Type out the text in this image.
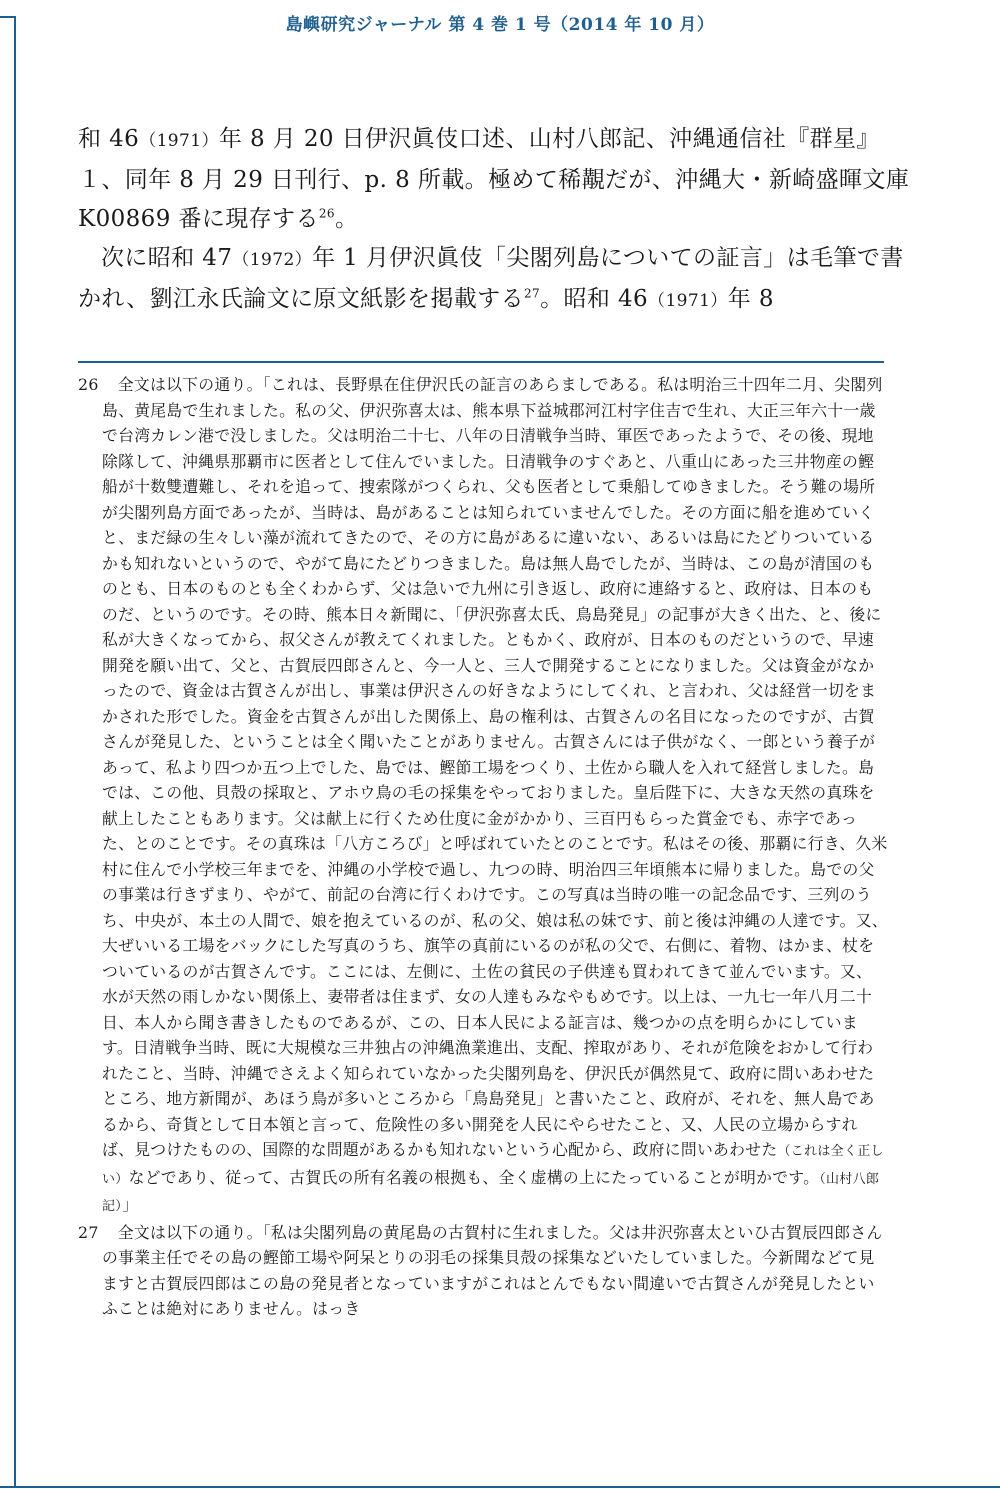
島嶼研究ジャーナル 第 4 巻 1 号（2014 年 10 月）

和 46（1971）年 8 月 20 日伊沢眞伎口述、山村八郎記、沖縄通信社『群星』１、同年 8 月 29 日刊行、p. 8 所載。極めて稀覯だが、沖縄大・新崎盛暉文庫 K00869 番に現存する$^{26}$。

次に昭和 47（1972）年 1 月伊沢眞伎「尖閣列島についての証言」は毛筆で書かれ、劉江永氏論文に原文紙影を掲載する$^{27}$。昭和 46（1971）年 8

26	全文は以下の通り。「これは、長野県在住伊沢氏の証言のあらましである。私は明治三十四年二月、尖閣列島、黄尾島で生れました。私の父、伊沢弥喜太は、熊本県下益城郡河江村字住吉で生れ、大正三年六十一歳で台湾カレン港で没しました。父は明治二十七、八年の日清戦争当時、軍医であったようで、その後、現地除隊して、沖縄県那覇市に医者として住んでいました。日清戦争のすぐあと、八重山にあった三井物産の鰹船が十数雙遭難し、それを追って、捜索隊がつくられ、父も医者として乗船してゆきました。そう難の場所が尖閣列島方面であったが、当時は、島があることは知られていませんでした。その方面に船を進めていくと、まだ緑の生々しい藻が流れてきたので、その方に島があるに違いない、あるいは島にたどりついているかも知れないというので、やがて島にたどりつきました。島は無人島でしたが、当時は、この島が清国のものとも、日本のものとも全くわからず、父は急いで九州に引き返し、政府に連絡すると、政府は、日本のものだ、というのです。その時、熊本日々新聞に、「伊沢弥喜太氏、鳥島発見」の記事が大きく出た、と、後に私が大きくなってから、叔父さんが教えてくれました。ともかく、政府が、日本のものだというので、早速開発を願い出て、父と、古賀辰四郎さんと、今一人と、三人で開発することになりました。父は資金がなかったので、資金は古賀さんが出し、事業は伊沢さんの好きなようにしてくれ、と言われ、父は経営一切をまかされた形でした。資金を古賀さんが出した関係上、島の権利は、古賀さんの名目になったのですが、古賀さんが発見した、ということは全く聞いたことがありません。古賀さんには子供がなく、一郎という養子があって、私より四つか五つ上でした、島では、鰹節工場をつくり、土佐から職人を入れて経営しました。島では、この他、貝殻の採取と、アホウ鳥の毛の採集をやっておりました。皇后陛下に、大きな天然の真珠を献上したこともあります。父は献上に行くため仕度に金がかかり、三百円もらった賞金でも、赤字であった、とのことです。その真珠は「八方ころび」と呼ばれていたとのことです。私はその後、那覇に行き、久米村に住んで小学校三年までを、沖縄の小学校で過し、九つの時、明治四三年頃熊本に帰りました。島での父の事業は行きずまり、やがて、前記の台湾に行くわけです。この写真は当時の唯一の記念品です、三列のうち、中央が、本土の人間で、娘を抱えているのが、私の父、娘は私の妹です、前と後は沖縄の人達です。又、大ぜいいる工場をバックにした写真のうち、旗竿の真前にいるのが私の父で、右側に、着物、はかま、杖をついているのが古賀さんです。ここには、左側に、土佐の貧民の子供達も買われてきて並んでいます。又、水が天然の雨しかない関係上、妻帯者は住まず、女の人達もみなやもめです。以上は、一九七一年八月二十日、本人から聞き書きしたものであるが、この、日本人民による証言は、幾つかの点を明らかにしています。日清戦争当時、既に大規模な三井独占の沖縄漁業進出、支配、搾取があり、それが危険をおかして行われたこと、当時、沖縄でさえよく知られていなかった尖閣列島を、伊沢氏が偶然見て、政府に問いあわせたところ、地方新聞が、あほう鳥が多いところから「鳥島発見」と書いたこと、政府が、それを、無人島であるから、奇貨として日本領と言って、危険性の多い開発を人民にやらせたこと、又、人民の立場からすれば、見つけたものの、国際的な問題があるかも知れないという心配から、政府に問いあわせた（これは全く正しい）などであり、従って、古賀氏の所有名義の根拠も、全く虚構の上にたっていることが明かです。（山村八郎記）」
27	全文は以下の通り。「私は尖閣列島の黄尾島の古賀村に生れました。父は井沢弥喜太といひ古賀辰四郎さんの事業主任でその島の鰹節工場や阿呆とりの羽毛の採集貝殻の採集などいたしていました。今新聞などて見ますと古賀辰四郎はこの島の発見者となっていますがこれはとんでもない間違いで古賀さんが発見したといふことは絶対にありません。はっき
